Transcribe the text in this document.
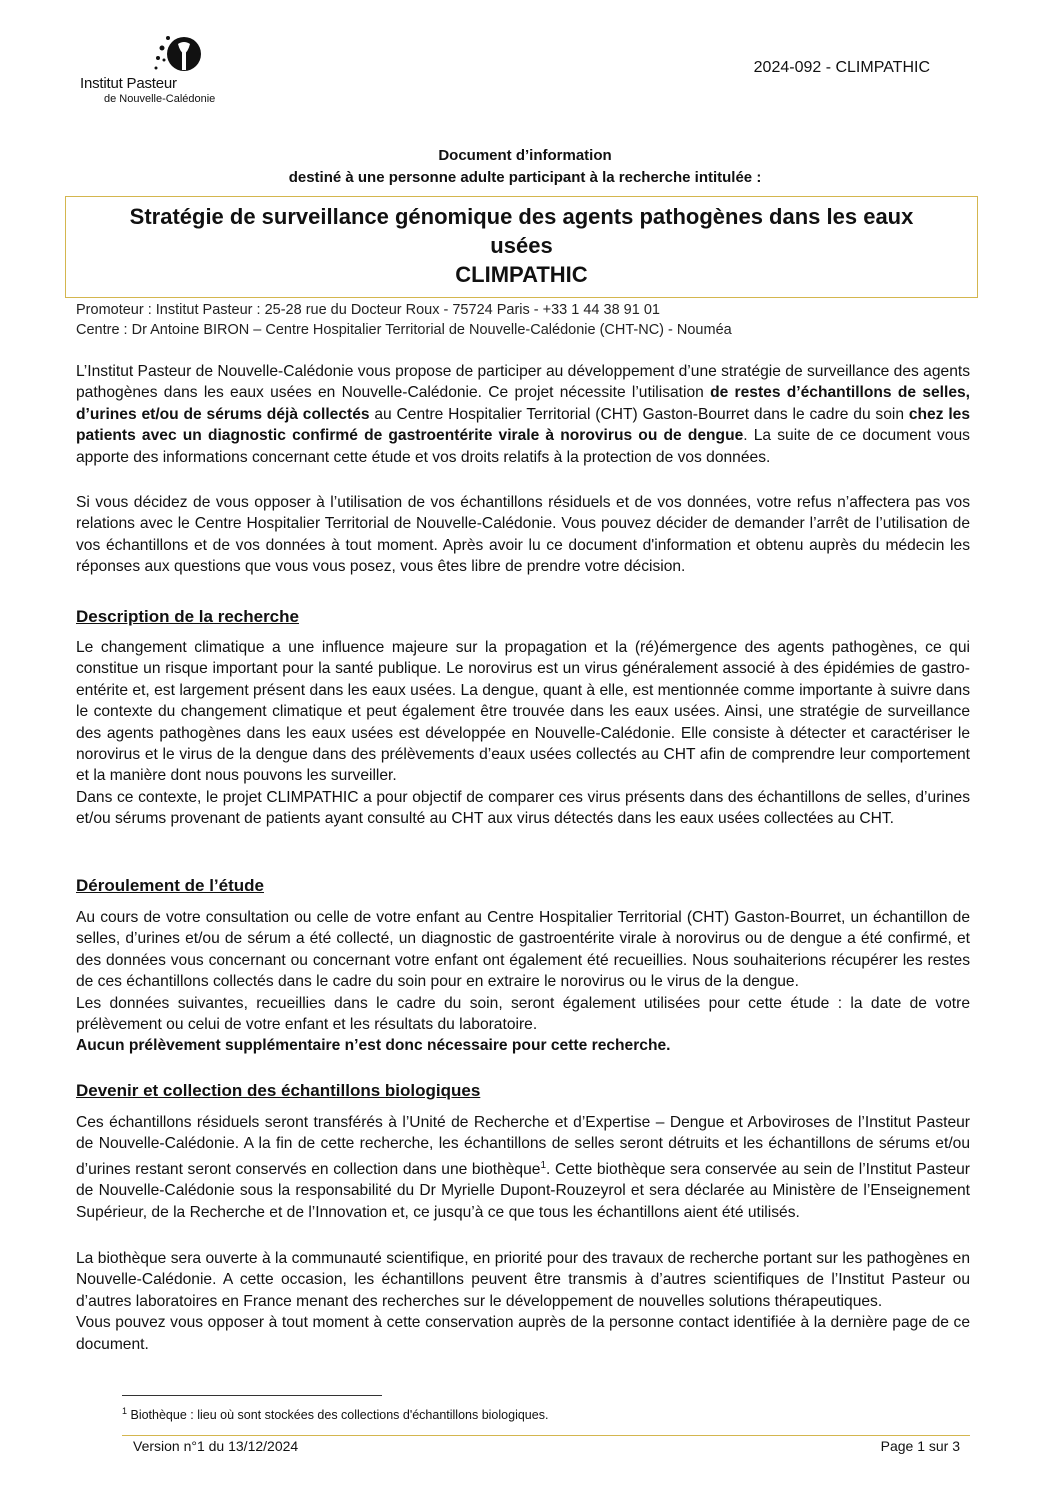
Institut Pasteur
de Nouvelle-Calédonie
2024-092 - CLIMPATHIC
Document d’information
destiné à une personne adulte participant à la recherche intitulée :
Stratégie de surveillance génomique des agents pathogènes dans les eaux usées
CLIMPATHIC
Promoteur : Institut Pasteur : 25-28 rue du Docteur Roux - 75724 Paris - +33 1 44 38 91 01
Centre : Dr Antoine BIRON – Centre Hospitalier Territorial de Nouvelle-Calédonie (CHT-NC) - Nouméa

L’Institut Pasteur de Nouvelle-Calédonie vous propose de participer au développement d’une stratégie de surveillance des agents pathogènes dans les eaux usées en Nouvelle-Calédonie. Ce projet nécessite l’utilisation de restes d’échantillons de selles, d’urines et/ou de sérums déjà collectés au Centre Hospitalier Territorial (CHT) Gaston-Bourret dans le cadre du soin chez les patients avec un diagnostic confirmé de gastroentérite virale à norovirus ou de dengue. La suite de ce document vous apporte des informations concernant cette étude et vos droits relatifs à la protection de vos données.

Si vous décidez de vous opposer à l’utilisation de vos échantillons résiduels et de vos données, votre refus n’affectera pas vos relations avec le Centre Hospitalier Territorial de Nouvelle-Calédonie. Vous pouvez décider de demander l’arrêt de l’utilisation de vos échantillons et de vos données à tout moment. Après avoir lu ce document d'information et obtenu auprès du médecin les réponses aux questions que vous vous posez, vous êtes libre de prendre votre décision.

Description de la recherche

Le changement climatique a une influence majeure sur la propagation et la (ré)émergence des agents pathogènes, ce qui constitue un risque important pour la santé publique. Le norovirus est un virus généralement associé à des épidémies de gastro-entérite et, est largement présent dans les eaux usées. La dengue, quant à elle, est mentionnée comme importante à suivre dans le contexte du changement climatique et peut également être trouvée dans les eaux usées. Ainsi, une stratégie de surveillance des agents pathogènes dans les eaux usées est développée en Nouvelle-Calédonie. Elle consiste à détecter et caractériser le norovirus et le virus de la dengue dans des prélèvements d’eaux usées collectés au CHT afin de comprendre leur comportement et la manière dont nous pouvons les surveiller.

Dans ce contexte, le projet CLIMPATHIC a pour objectif de comparer ces virus présents dans des échantillons de selles, d’urines et/ou sérums provenant de patients ayant consulté au CHT aux virus détectés dans les eaux usées collectées au CHT.

Déroulement de l’étude

Au cours de votre consultation ou celle de votre enfant au Centre Hospitalier Territorial (CHT) Gaston-Bourret, un échantillon de selles, d’urines et/ou de sérum a été collecté, un diagnostic de gastroentérite virale à norovirus ou de dengue a été confirmé, et des données vous concernant ou concernant votre enfant ont également été recueillies. Nous souhaiterions récupérer les restes de ces échantillons collectés dans le cadre du soin pour en extraire le norovirus ou le virus de la dengue.

Les données suivantes, recueillies dans le cadre du soin, seront également utilisées pour cette étude : la date de votre prélèvement ou celui de votre enfant et les résultats du laboratoire.

Aucun prélèvement supplémentaire n’est donc nécessaire pour cette recherche.

Devenir et collection des échantillons biologiques

Ces échantillons résiduels seront transférés à l’Unité de Recherche et d’Expertise – Dengue et Arboviroses de l’Institut Pasteur de Nouvelle-Calédonie. A la fin de cette recherche, les échantillons de selles seront détruits et les échantillons de sérums et/ou d’urines restant seront conservés en collection dans une biothèque$^1$. Cette biothèque sera conservée au sein de l’Institut Pasteur de Nouvelle-Calédonie sous la responsabilité du Dr Myrielle Dupont-Rouzeyrol et sera déclarée au Ministère de l’Enseignement Supérieur, de la Recherche et de l’Innovation et, ce jusqu’à ce que tous les échantillons aient été utilisés.

La biothèque sera ouverte à la communauté scientifique, en priorité pour des travaux de recherche portant sur les pathogènes en Nouvelle-Calédonie. A cette occasion, les échantillons peuvent être transmis à d’autres scientifiques de l’Institut Pasteur ou d’autres laboratoires en France menant des recherches sur le développement de nouvelles solutions thérapeutiques.

Vous pouvez vous opposer à tout moment à cette conservation auprès de la personne contact identifiée à la dernière page de ce document.

$^1$ Biothèque : lieu où sont stockées des collections d'échantillons biologiques.
Version n°1 du 13/12/2024	Page 1 sur 3
